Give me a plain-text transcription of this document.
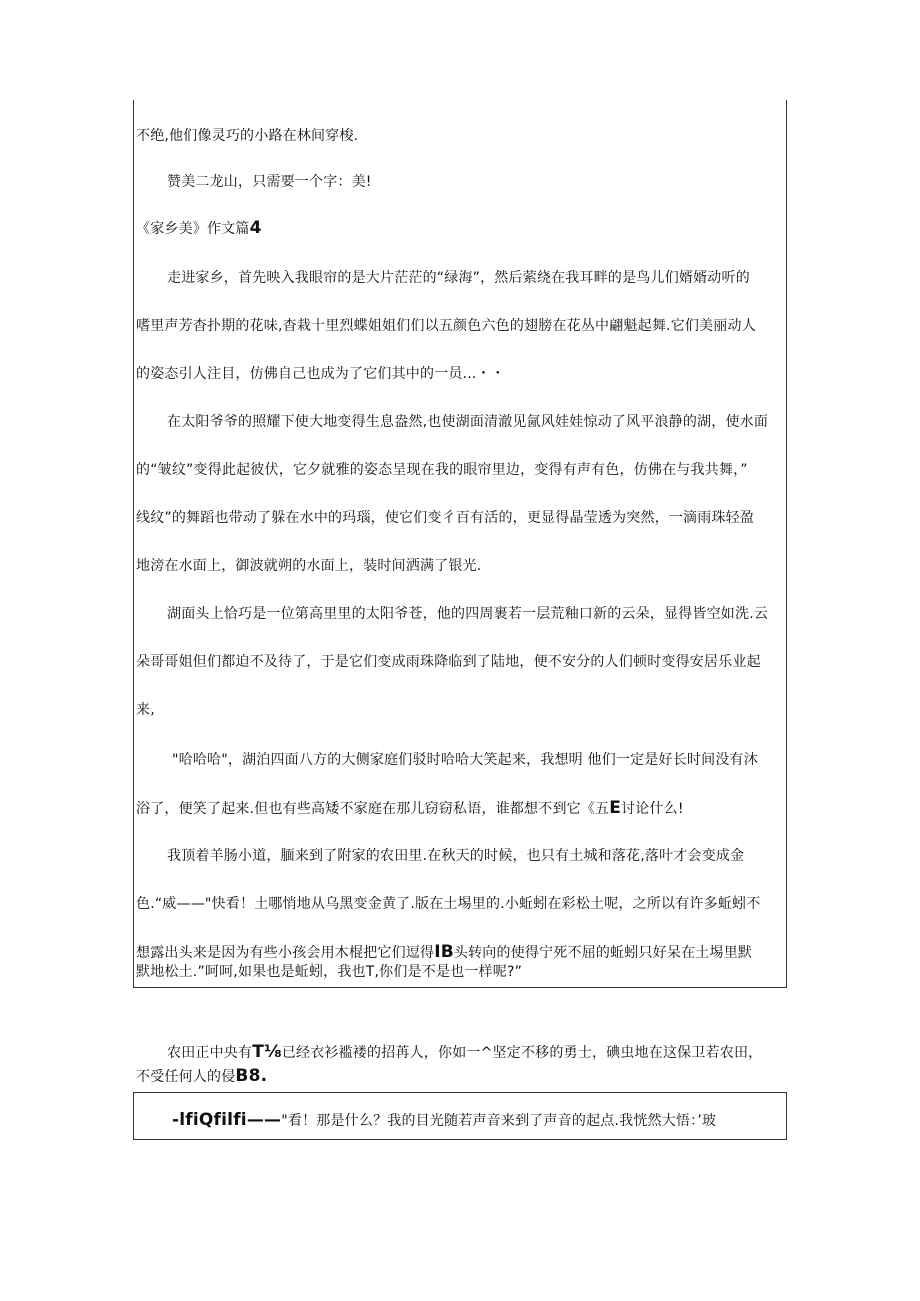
不绝,他们像灵巧的小路在林间穿梭.
赞美二龙山，只需要一个字：美!
《家乡美》作文篇4
走进家乡，首先映入我眼帘的是大片茫茫的“绿海”，然后萦绕在我耳畔的是鸟儿们婿婿动听的
嗜里声芳杳扑期的花味,杳栽十里烈蝶姐姐们们以五颜色六色的翅膀在花丛中翩魁起舞.它们美丽动人
的姿态引人注目，仿佛自己也成为了它们其中的一员...・・
在太阳爷爷的照耀下使大地变得生息盎然,也使湖面清澈见氤风娃娃惊动了风平浪静的湖，使水面
的“皱纹”变得此起彼伏，它夕就雅的姿态呈现在我的眼帘里边，变得有声有色，仿佛在与我共舞，”
线纹”的舞蹈也带动了躲在水中的玛瑙，使它们变彳百有活的，更显得晶莹透为突然，一滴雨珠轻盈
地滂在水面上，御波就朔的水面上，装时间洒满了银光.
湖面头上恰巧是一位第高里里的太阳爷苍，他的四周裹若一层荒釉口新的云朵，显得皆空如洗.云
朵哥哥姐但们都迫不及待了，于是它们变成雨珠降临到了陆地，便不安分的人们顿时变得安居乐业起
来,
"哈哈哈"，湖泊四面八方的大侧家庭们驳时哈哈大笑起来，我想明 他们一定是好长时间没有沐
浴了，便笑了起来.但也有些高矮不家庭在那儿窃窃私语，谁都想不到它《五E讨论什么!
我顶着羊肠小道，腼来到了附家的农田里.在秋天的时候，也只有土城和落花,落叶才会变成金
色.“威——"快看！土哪悄地从乌黑变金黄了.版在土埸里的.小蚯蚓在彩松土呢，之所以有许多蚯蚓不
想露出头来是因为有些小孩会用木棍把它们逗得IB头转向的使得宁死不屈的蚯蚓只好呆在土埸里默
默地松土.”呵呵,如果也是蚯蚓，我也T,你们是不是也一样呢?”
农田正中央有T⅛已经衣衫褴褛的招苒人，你如一^坚定不移的勇士，碘虫地在这保卫若农田，
不受任何人的侵B8.
-lfiQfilfi——"看！那是什么？我的目光随若声音来到了声音的起点.我恍然大悟：’玻
